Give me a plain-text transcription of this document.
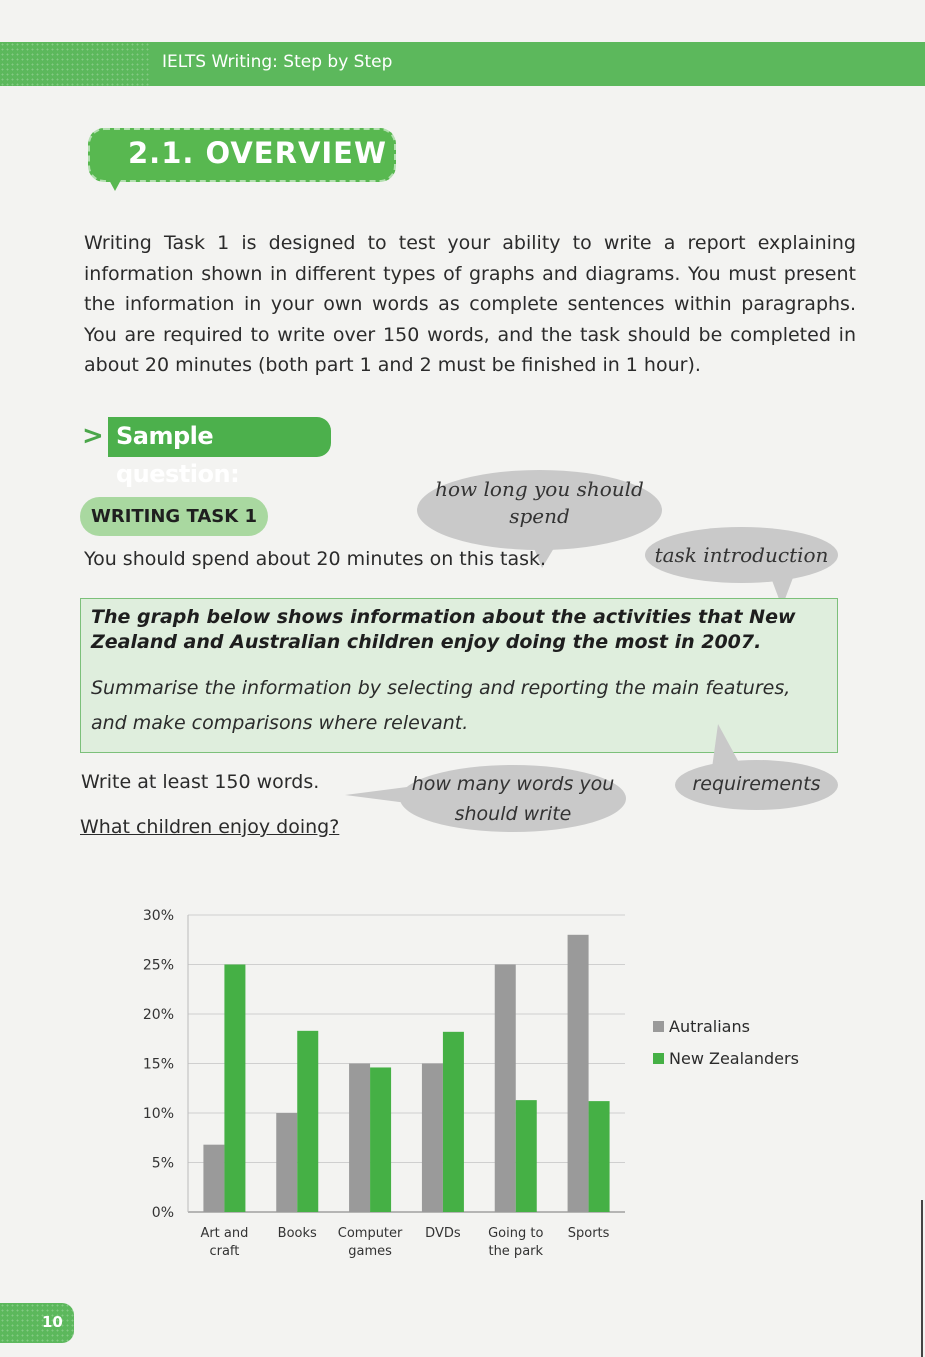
IELTS Writing: Step by Step
2.1. OVERVIEW
Writing Task 1 is designed to test your ability to write a report explaining information shown in different types of graphs and diagrams. You must present the information in your own words as complete sentences within paragraphs. You are required to write over 150 words, and the task should be completed in about 20 minutes (both part 1 and 2 must be finished in 1 hour).
> Sample question:
WRITING TASK 1
how long you should spend
task introduction
You should spend about 20 minutes on this task.
The graph below shows information about the activities that New Zealand and Australian children enjoy doing the most in 2007.
Summarise the information by selecting and reporting the main features, and make comparisons where relevant.
Write at least 150 words.	how many words you should write
requirements
What children enjoy doing?
0%
5%
10%
15%
20%
25%
30%
Art and
craft
Books Computer
games
DVDs Going to
the park
Sports
Autralians
New Zealanders
10
